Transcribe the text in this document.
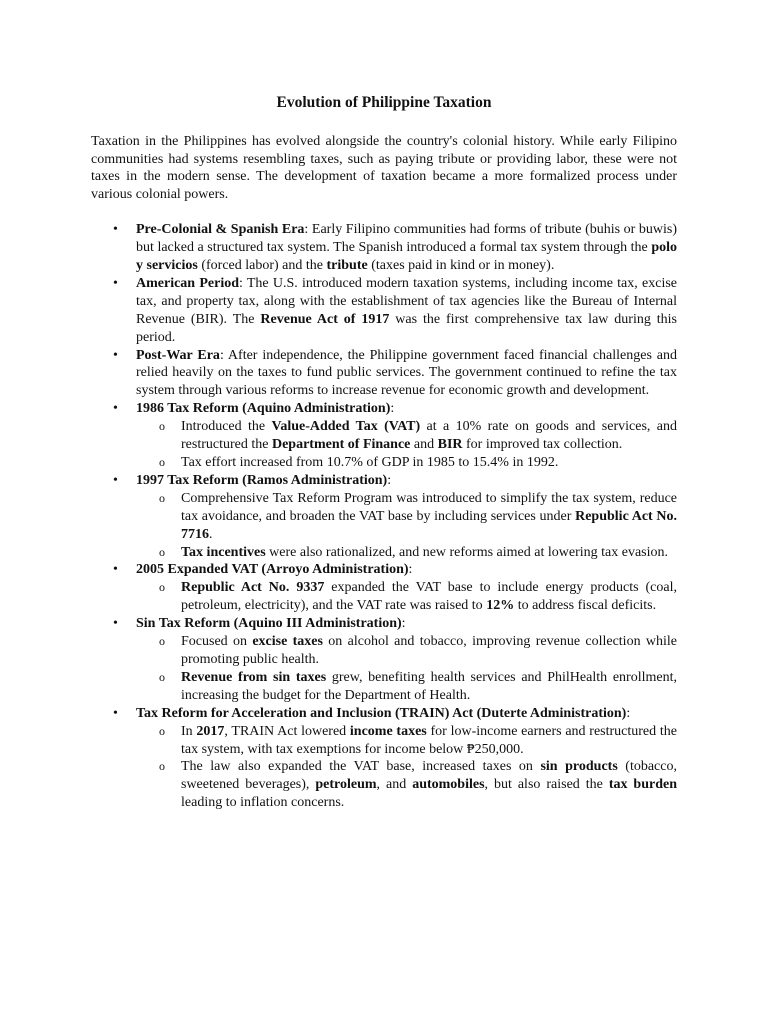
Evolution of Philippine Taxation

Taxation in the Philippines has evolved alongside the country's colonial history. While early Filipino communities had systems resembling taxes, such as paying tribute or providing labor, these were not taxes in the modern sense. The development of taxation became a more formalized process under various colonial powers.

• Pre-Colonial & Spanish Era: Early Filipino communities had forms of tribute (buhis or buwis) but lacked a structured tax system. The Spanish introduced a formal tax system through the polo y servicios (forced labor) and the tribute (taxes paid in kind or in money).
• American Period: The U.S. introduced modern taxation systems, including income tax, excise tax, and property tax, along with the establishment of tax agencies like the Bureau of Internal Revenue (BIR). The Revenue Act of 1917 was the first comprehensive tax law during this period.
• Post-War Era: After independence, the Philippine government faced financial challenges and relied heavily on the taxes to fund public services. The government continued to refine the tax system through various reforms to increase revenue for economic growth and development.
• 1986 Tax Reform (Aquino Administration):
o Introduced the Value-Added Tax (VAT) at a 10% rate on goods and services, and restructured the Department of Finance and BIR for improved tax collection.
o Tax effort increased from 10.7% of GDP in 1985 to 15.4% in 1992.
• 1997 Tax Reform (Ramos Administration):
o Comprehensive Tax Reform Program was introduced to simplify the tax system, reduce tax avoidance, and broaden the VAT base by including services under Republic Act No. 7716.
o Tax incentives were also rationalized, and new reforms aimed at lowering tax evasion.
• 2005 Expanded VAT (Arroyo Administration):
o Republic Act No. 9337 expanded the VAT base to include energy products (coal, petroleum, electricity), and the VAT rate was raised to 12% to address fiscal deficits.
• Sin Tax Reform (Aquino III Administration):
o Focused on excise taxes on alcohol and tobacco, improving revenue collection while promoting public health.
o Revenue from sin taxes grew, benefiting health services and PhilHealth enrollment, increasing the budget for the Department of Health.
• Tax Reform for Acceleration and Inclusion (TRAIN) Act (Duterte Administration):
o In 2017, TRAIN Act lowered income taxes for low-income earners and restructured the tax system, with tax exemptions for income below ₱250,000.
o The law also expanded the VAT base, increased taxes on sin products (tobacco, sweetened beverages), petroleum, and automobiles, but also raised the tax burden leading to inflation concerns.
